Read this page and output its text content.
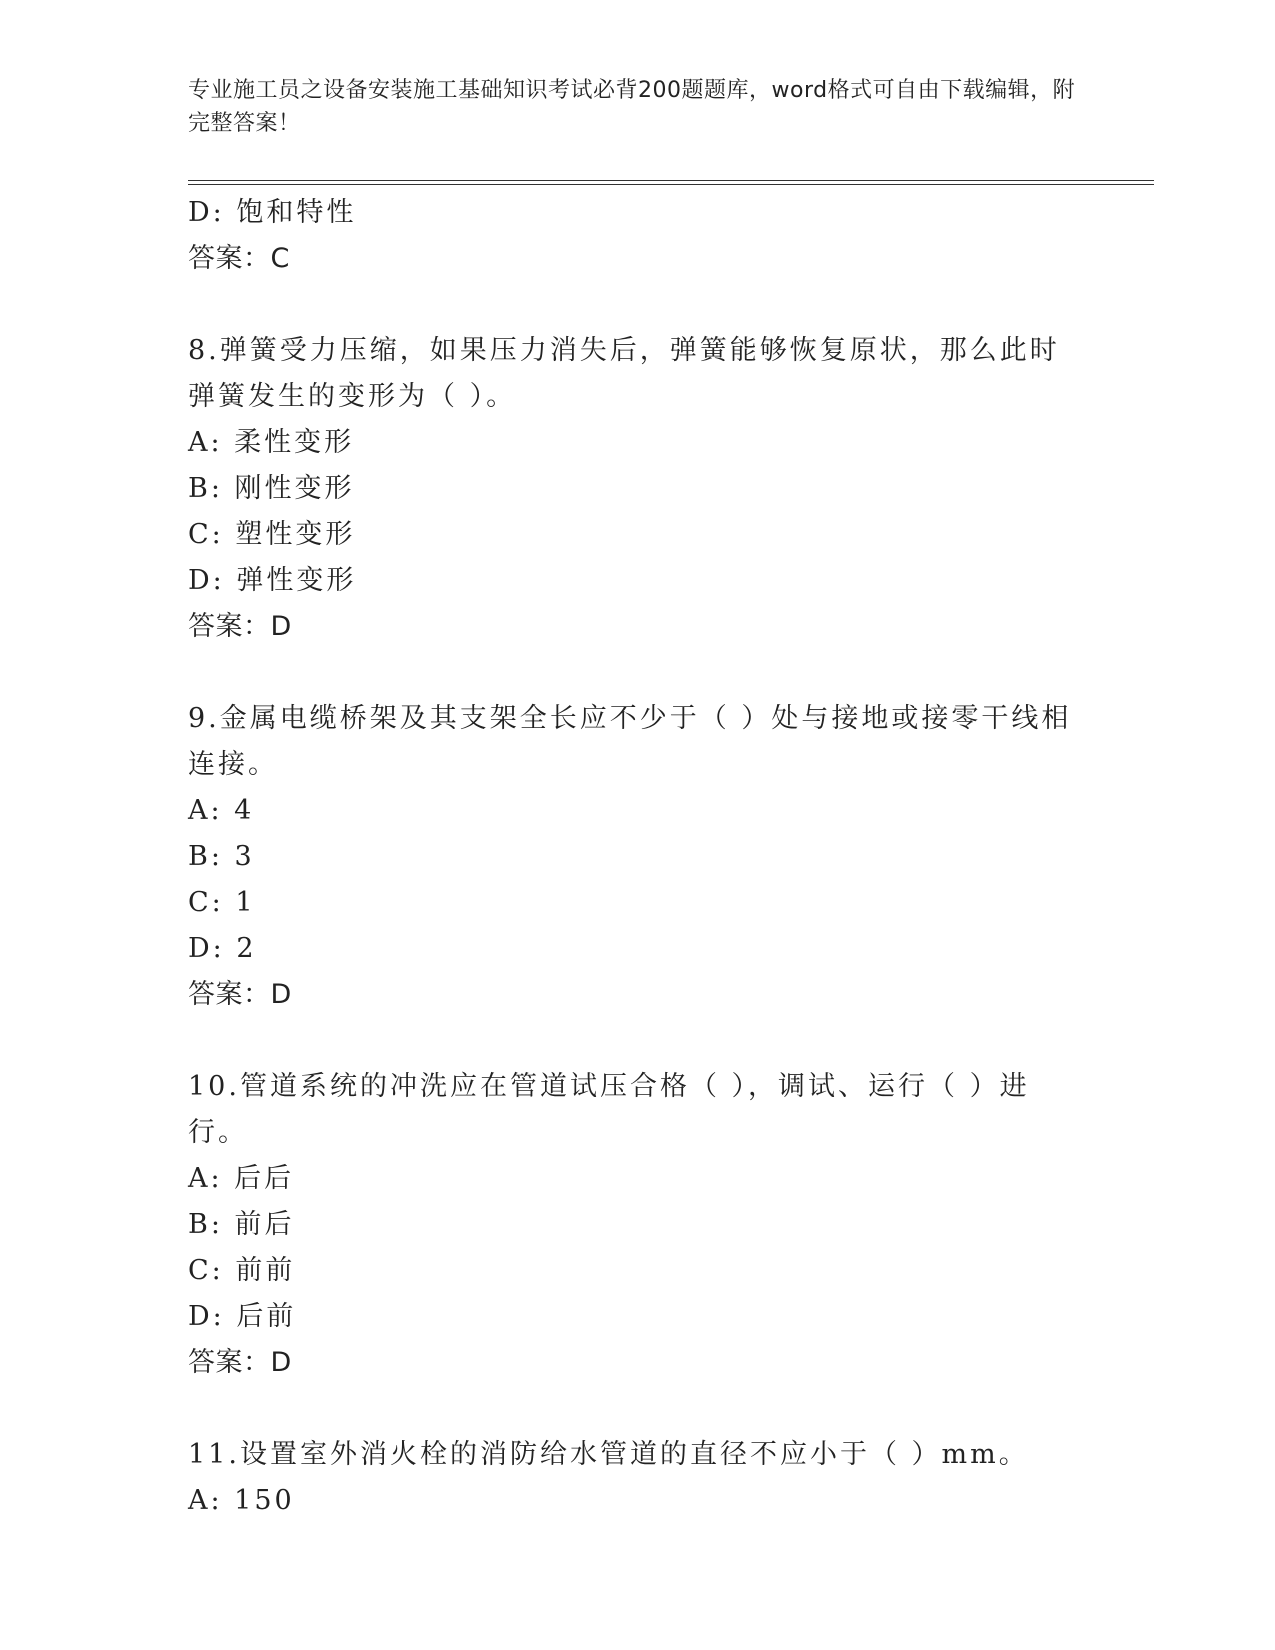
专业施工员之设备安装施工基础知识考试必背200题题库，word格式可自由下载编辑，附完整答案！
D: 饱和特性
答案：C
8.弹簧受力压缩，如果压力消失后，弹簧能够恢复原状，那么此时弹簧发生的变形为（ ）。
A: 柔性变形
B: 刚性变形
C: 塑性变形
D: 弹性变形
答案：D
9.金属电缆桥架及其支架全长应不少于（ ）处与接地或接零干线相连接。
A: 4
B: 3
C: 1
D: 2
答案：D
10.管道系统的冲洗应在管道试压合格（ ），调试、运行（ ）进行。
A: 后后
B: 前后
C: 前前
D: 后前
答案：D
11.设置室外消火栓的消防给水管道的直径不应小于（ ）mm。
A: 150
